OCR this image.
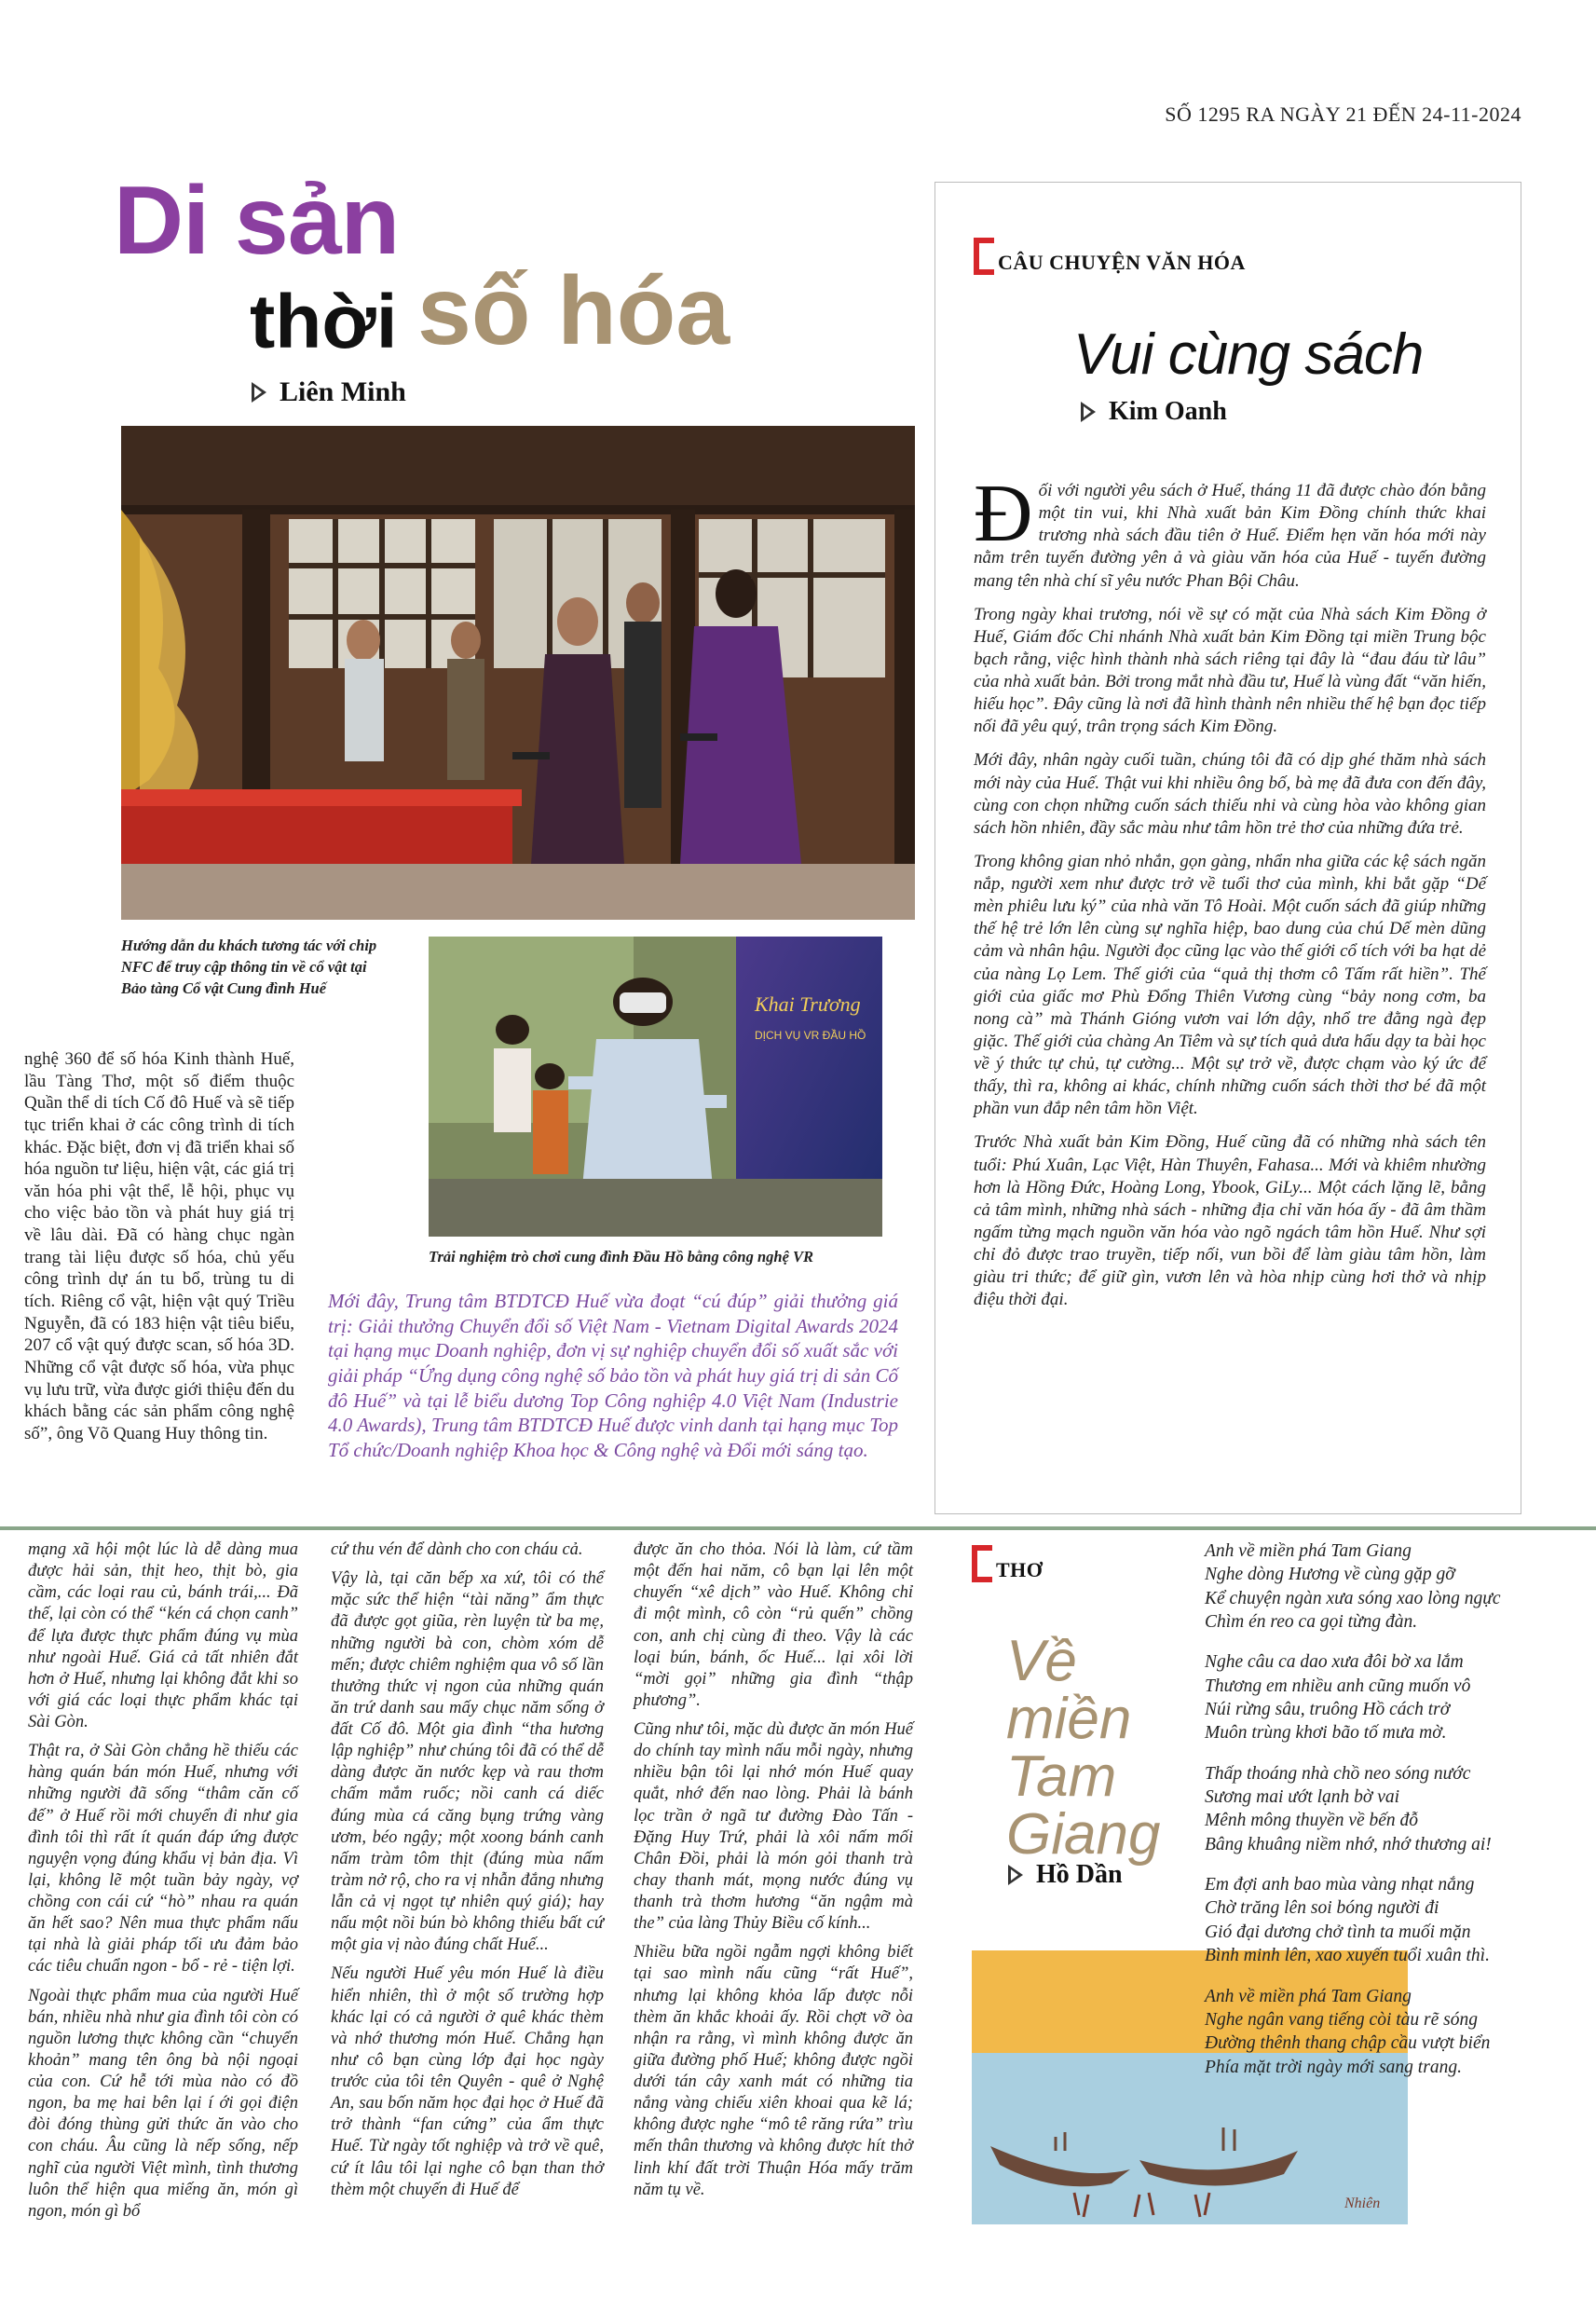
SỐ 1295 RA NGÀY 21 ĐẾN 24-11-2024
Di sản
thời số hóa
Liên Minh
Hướng dẫn du khách tương tác với chip NFC để truy cập thông tin về cổ vật tại Bảo tàng Cổ vật Cung đình Huế
Khai Trương
DỊCH VỤ VR ĐẦU HỒ

nghệ 360 để số hóa Kinh thành Huế, lầu Tàng Thơ, một số điểm thuộc Quần thể di tích Cố đô Huế và sẽ tiếp tục triển khai ở các công trình di tích khác. Đặc biệt, đơn vị đã triển khai số hóa nguồn tư liệu, hiện vật, các giá trị văn hóa phi vật thể, lễ hội, phục vụ cho việc bảo tồn và phát huy giá trị về lâu dài. Đã có hàng chục ngàn trang tài liệu được số hóa, chủ yếu công trình dự án tu bổ, trùng tu di tích. Riêng cổ vật, hiện vật quý Triều Nguyễn, đã có 183 hiện vật tiêu biểu, 207 cổ vật quý được scan, số hóa 3D. Những cổ vật được số hóa, vừa phục vụ lưu trữ, vừa được giới thiệu đến du khách bằng các sản phẩm công nghệ số”, ông Võ Quang Huy thông tin.

Trải nghiệm trò chơi cung đình Đầu Hồ bằng công nghệ VR
Mới đây, Trung tâm BTDTCĐ Huế vừa đoạt “cú đúp” giải thưởng giá trị: Giải thưởng Chuyển đổi số Việt Nam - Vietnam Digital Awards 2024 tại hạng mục Doanh nghiệp, đơn vị sự nghiệp chuyển đổi số xuất sắc với giải pháp “Ứng dụng công nghệ số bảo tồn và phát huy giá trị di sản Cố đô Huế” và tại lễ biểu dương Top Công nghiệp 4.0 Việt Nam (Industrie 4.0 Awards), Trung tâm BTDTCĐ Huế được vinh danh tại hạng mục Top Tổ chức/Doanh nghiệp Khoa học & Công nghệ và Đổi mới sáng tạo.
CÂU CHUYỆN VĂN HÓA
Vui cùng sách
Kim Oanh

Đối với người yêu sách ở Huế, tháng 11 đã được chào đón bằng một tin vui, khi Nhà xuất bản Kim Đồng chính thức khai trương nhà sách đầu tiên ở Huế. Điểm hẹn văn hóa mới này nằm trên tuyến đường yên ả và giàu văn hóa của Huế - tuyến đường mang tên nhà chí sĩ yêu nước Phan Bội Châu.

Trong ngày khai trương, nói về sự có mặt của Nhà sách Kim Đồng ở Huế, Giám đốc Chi nhánh Nhà xuất bản Kim Đồng tại miền Trung bộc bạch rằng, việc hình thành nhà sách riêng tại đây là “đau đáu từ lâu” của nhà xuất bản. Bởi trong mắt nhà đầu tư, Huế là vùng đất “văn hiến, hiếu học”. Đây cũng là nơi đã hình thành nên nhiều thế hệ bạn đọc tiếp nối đã yêu quý, trân trọng sách Kim Đồng.

Mới đây, nhân ngày cuối tuần, chúng tôi đã có dịp ghé thăm nhà sách mới này của Huế. Thật vui khi nhiều ông bố, bà mẹ đã đưa con đến đây, cùng con chọn những cuốn sách thiếu nhi và cùng hòa vào không gian sách hồn nhiên, đầy sắc màu như tâm hồn trẻ thơ của những đứa trẻ.

Trong không gian nhỏ nhắn, gọn gàng, nhẩn nha giữa các kệ sách ngăn nắp, người xem như được trở về tuổi thơ của mình, khi bắt gặp “Dế mèn phiêu lưu ký” của nhà văn Tô Hoài. Một cuốn sách đã giúp những thế hệ trẻ lớn lên cùng sự nghĩa hiệp, bao dung của chú Dế mèn dũng cảm và nhân hậu. Người đọc cũng lạc vào thế giới cổ tích với ba hạt dẻ của nàng Lọ Lem. Thế giới của “quả thị thơm cô Tấm rất hiền”. Thế giới của giấc mơ Phù Đổng Thiên Vương cùng “bảy nong cơm, ba nong cà” mà Thánh Gióng vươn vai lớn dậy, nhổ tre đằng ngà đẹp giặc. Thế giới của chàng An Tiêm và sự tích quả dưa hấu dạy ta bài học về ý thức tự chủ, tự cường... Một sự trở về, được chạm vào ký ức để thấy, thì ra, không ai khác, chính những cuốn sách thời thơ bé đã một phần vun đắp nên tâm hồn Việt.

Trước Nhà xuất bản Kim Đồng, Huế cũng đã có những nhà sách tên tuổi: Phú Xuân, Lạc Việt, Hàn Thuyên, Fahasa... Mới và khiêm nhường hơn là Hồng Đức, Hoàng Long, Ybook, GiLy... Một cách lặng lẽ, bằng cả tâm mình, những nhà sách - những địa chỉ văn hóa ấy - đã âm thầm ngấm từng mạch nguồn văn hóa vào ngõ ngách tâm hồn Huế. Như sợi chỉ đỏ được trao truyền, tiếp nối, vun bồi để làm giàu tâm hồn, làm giàu tri thức; để giữ gìn, vươn lên và hòa nhịp cùng hơi thở và nhịp điệu thời đại.

mạng xã hội một lúc là dễ dàng mua được hải sản, thịt heo, thịt bò, gia cầm, các loại rau củ, bánh trái,... Đã thế, lại còn có thể “kén cá chọn canh” để lựa được thực phẩm đúng vụ mùa như ngoài Huế. Giá cả tất nhiên đắt hơn ở Huế, nhưng lại không đắt khi so với giá các loại thực phẩm khác tại Sài Gòn.

Thật ra, ở Sài Gòn chẳng hề thiếu các hàng quán bán món Huế, nhưng với những người đã sống “thâm căn cố đế” ở Huế rồi mới chuyển đi như gia đình tôi thì rất ít quán đáp ứng được nguyện vọng đúng khẩu vị bản địa. Vì lại, không lẽ một tuần bảy ngày, vợ chồng con cái cứ “hò” nhau ra quán ăn hết sao? Nên mua thực phẩm nấu tại nhà là giải pháp tối ưu đảm bảo các tiêu chuẩn ngon - bổ - rẻ - tiện lợi.

Ngoài thực phẩm mua của người Huế bán, nhiều nhà như gia đình tôi còn có nguồn lương thực không cần “chuyển khoản” mang tên ông bà nội ngoại của con. Cứ hễ tới mùa nào có đồ ngon, ba mẹ hai bên lại í ới gọi điện đòi đóng thùng gửi thức ăn vào cho con cháu. Âu cũng là nếp sống, nếp nghĩ của người Việt mình, tình thương luôn thể hiện qua miếng ăn, món gì ngon, món gì bổ

cứ thu vén để dành cho con cháu cả.

Vậy là, tại căn bếp xa xứ, tôi có thể mặc sức thể hiện “tài năng” ẩm thực đã được gọt giũa, rèn luyện từ ba mẹ, những người bà con, chòm xóm dễ mến; được chiêm nghiệm qua vô số lần thưởng thức vị ngon của những quán ăn trứ danh sau mấy chục năm sống ở đất Cố đô. Một gia đình “tha hương lập nghiệp” như chúng tôi đã có thể dễ dàng được ăn nước kẹp và rau thơm chấm mắm ruốc; nồi canh cá diếc đúng mùa cá căng bụng trứng vàng ươm, béo ngậy; một xoong bánh canh nấm tràm tôm thịt (đúng mùa nấm tràm nở rộ, cho ra vị nhẫn đắng nhưng lẫn cả vị ngọt tự nhiên quý giá); hay nấu một nồi bún bò không thiếu bất cứ một gia vị nào đúng chất Huế...

Nếu người Huế yêu món Huế là điều hiển nhiên, thì ở một số trường hợp khác lại có cả người ở quê khác thèm và nhớ thương món Huế. Chẳng hạn như cô bạn cùng lớp đại học ngày trước của tôi tên Quyên - quê ở Nghệ An, sau bốn năm học đại học ở Huế đã trở thành “fan cứng” của ẩm thực Huế. Từ ngày tốt nghiệp và trở về quê, cứ ít lâu tôi lại nghe cô bạn than thở thèm một chuyến đi Huế để

được ăn cho thỏa. Nói là làm, cứ tầm một đến hai năm, cô bạn lại lên một chuyến “xê dịch” vào Huế. Không chỉ đi một mình, cô còn “rủ quến” chồng con, anh chị cùng đi theo. Vậy là các loại bún, bánh, ốc Huế... lại xôi lời “mời gọi” những gia đình “thập phương”.

Cũng như tôi, mặc dù được ăn món Huế do chính tay mình nấu mỗi ngày, nhưng nhiều bận tôi lại nhớ món Huế quay quắt, nhớ đến nao lòng. Phải là bánh lọc trần ở ngã tư đường Đào Tấn - Đặng Huy Trứ, phải là xôi nấm mối Chân Đồi, phải là món gỏi thanh trà chay thanh mát, mọng nước đúng vụ thanh trà thơm hương “ăn ngậm mà the” của làng Thủy Biều cố kính...

Nhiều bữa ngồi ngẫm ngợi không biết tại sao mình nấu cũng “rất Huế”, nhưng lại không khỏa lấp được nỗi thèm ăn khắc khoải ấy. Rồi chợt vỡ òa nhận ra rằng, vì mình không được ăn giữa đường phố Huế; không được ngồi dưới tán cây xanh mát có những tia nắng vàng chiếu xiên khoai qua kẽ lá; không được nghe “mô tê răng rứa” trìu mến thân thương và không được hít thở linh khí đất trời Thuận Hóa mấy trăm năm tụ về.

THƠ
Về
miền
Tam
Giang
Hồ Dần
Nhiên
Anh về miền phá Tam Giang
Nghe dòng Hương về cùng gặp gỡ
Kể chuyện ngàn xưa sóng xao lòng ngực
Chìm én reo ca gọi từng đàn.
Nghe câu ca dao xưa đôi bờ xa lắm
Thương em nhiều anh cũng muốn vô
Núi rừng sâu, truông Hồ cách trở
Muôn trùng khơi bão tố mưa mờ.
Thấp thoáng nhà chồ neo sóng nước
Sương mai ướt lạnh bờ vai
Mênh mông thuyền về bến đỗ
Bâng khuâng niềm nhớ, nhớ thương ai!
Em đợi anh bao mùa vàng nhạt nắng
Chờ trăng lên soi bóng người đi
Gió đại dương chở tình ta muối mặn
Bình minh lên, xao xuyến tuổi xuân thì.
Anh về miền phá Tam Giang
Nghe ngân vang tiếng còi tàu rẽ sóng
Đường thênh thang chập cầu vượt biển
Phía mặt trời ngày mới sang trang.
